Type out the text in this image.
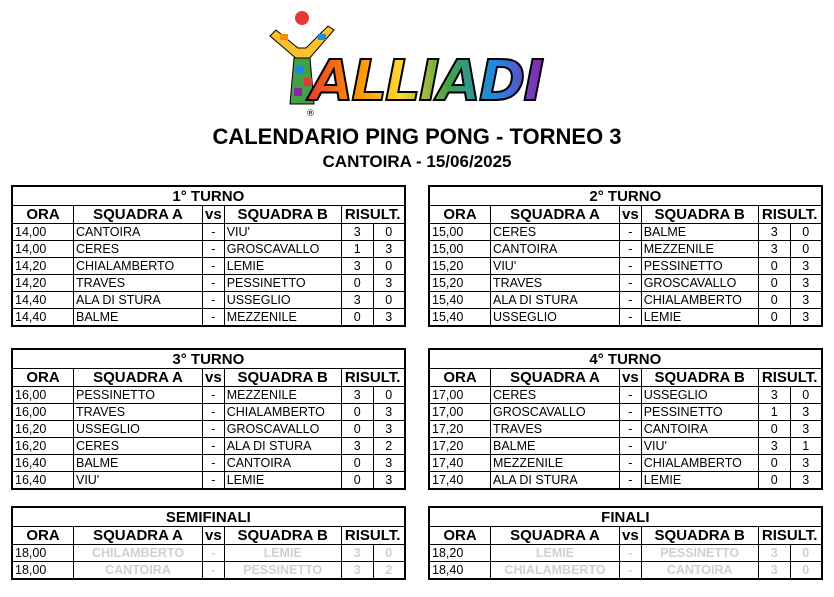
®
ALLIADI
CALENDARIO PING PONG - TORNEO 3
CANTOIRA - 15/06/2025
1° TURNO					
ORA	SQUADRA A	vs	SQUADRA B	RISULT.	
14,00	CANTOIRA	-	VIU'	3	0
14,00	CERES	-	GROSCAVALLO	1	3
14,20	CHIALAMBERTO	-	LEMIE	3	0
14,20	TRAVES	-	PESSINETTO	0	3
14,40	ALA DI STURA	-	USSEGLIO	3	0
14,40	BALME	-	MEZZENILE	0	3
2° TURNO					
ORA	SQUADRA A	vs	SQUADRA B	RISULT.	
15,00	CERES	-	BALME	3	0
15,00	CANTOIRA	-	MEZZENILE	3	0
15,20	VIU'	-	PESSINETTO	0	3
15,20	TRAVES	-	GROSCAVALLO	0	3
15,40	ALA DI STURA	-	CHIALAMBERTO	0	3
15,40	USSEGLIO	-	LEMIE	0	3
3° TURNO					
ORA	SQUADRA A	vs	SQUADRA B	RISULT.	
16,00	PESSINETTO	-	MEZZENILE	3	0
16,00	TRAVES	-	CHIALAMBERTO	0	3
16,20	USSEGLIO	-	GROSCAVALLO	0	3
16,20	CERES	-	ALA DI STURA	3	2
16,40	BALME	-	CANTOIRA	0	3
16,40	VIU'	-	LEMIE	0	3
4° TURNO					
ORA	SQUADRA A	vs	SQUADRA B	RISULT.	
17,00	CERES	-	USSEGLIO	3	0
17,00	GROSCAVALLO	-	PESSINETTO	1	3
17,20	TRAVES	-	CANTOIRA	0	3
17,20	BALME	-	VIU'	3	1
17,40	MEZZENILE	-	CHIALAMBERTO	0	3
17,40	ALA DI STURA	-	LEMIE	0	3
SEMIFINALI					
ORA	SQUADRA A	vs	SQUADRA B	RISULT.	
18,00	CHILAMBERTO	-	LEMIE	3	0
18,00	CANTOIRA	-	PESSINETTO	3	2
FINALI					
ORA	SQUADRA A	vs	SQUADRA B	RISULT.	
18,20	LEMIE	-	PESSINETTO	3	0
18,40	CHIALAMBERTO	-	CANTOIRA	3	0
